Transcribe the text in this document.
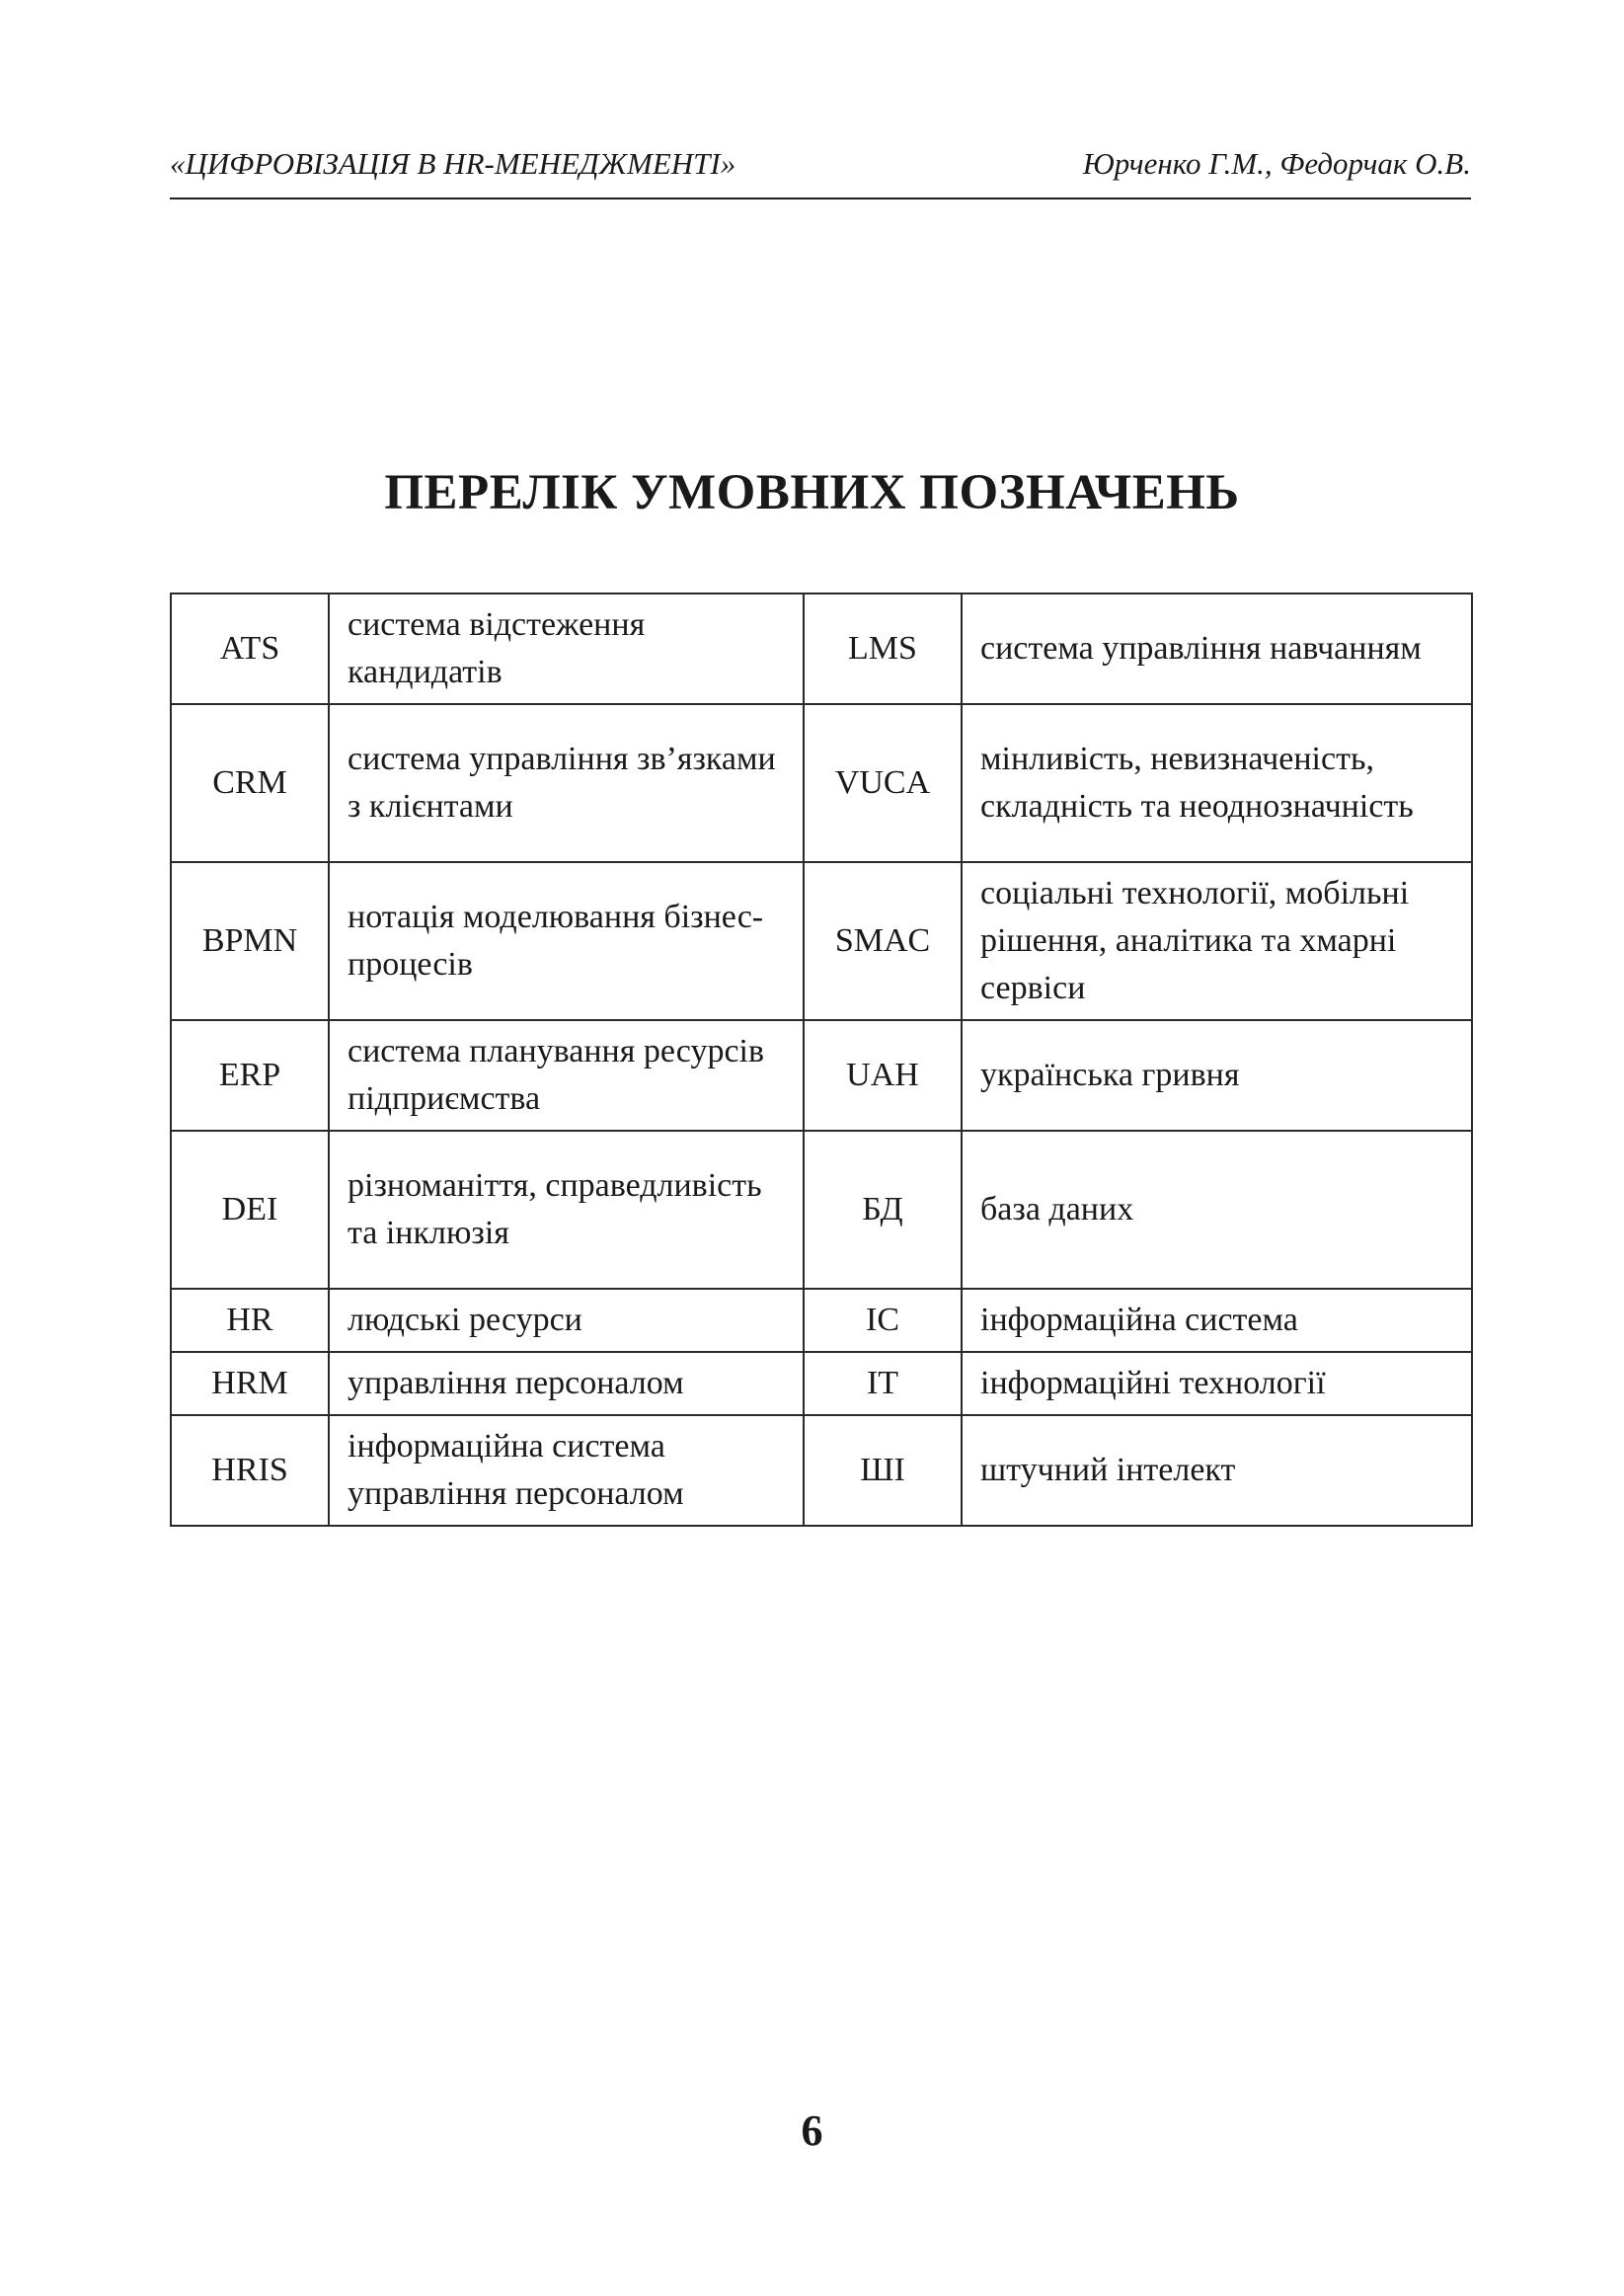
«ЦИФРОВІЗАЦІЯ В HR-МЕНЕДЖМЕНТІ»	Юрченко Г.М., Федорчак О.В.
ПЕРЕЛІК УМОВНИХ ПОЗНАЧЕНЬ
ATS	система відстеження кандидатів	LMS	система управління навчанням
CRM	система управління зв’язками з клієнтами	VUCA	мінливість, невизначеність, складність та неоднозначність
BPMN	нотація моделювання бізнес-процесів	SMAC	соціальні технології, мобільні рішення, аналітика та хмарні сервіси
ERP	система планування ресурсів підприємства	UAH	українська гривня
DEI	різноманіття, справедливість та інклюзія	БД	база даних
HR	людські ресурси	ІС	інформаційна система
HRM	управління персоналом	ІТ	інформаційні технології
HRIS	інформаційна система управління персоналом	ШІ	штучний інтелект
6
